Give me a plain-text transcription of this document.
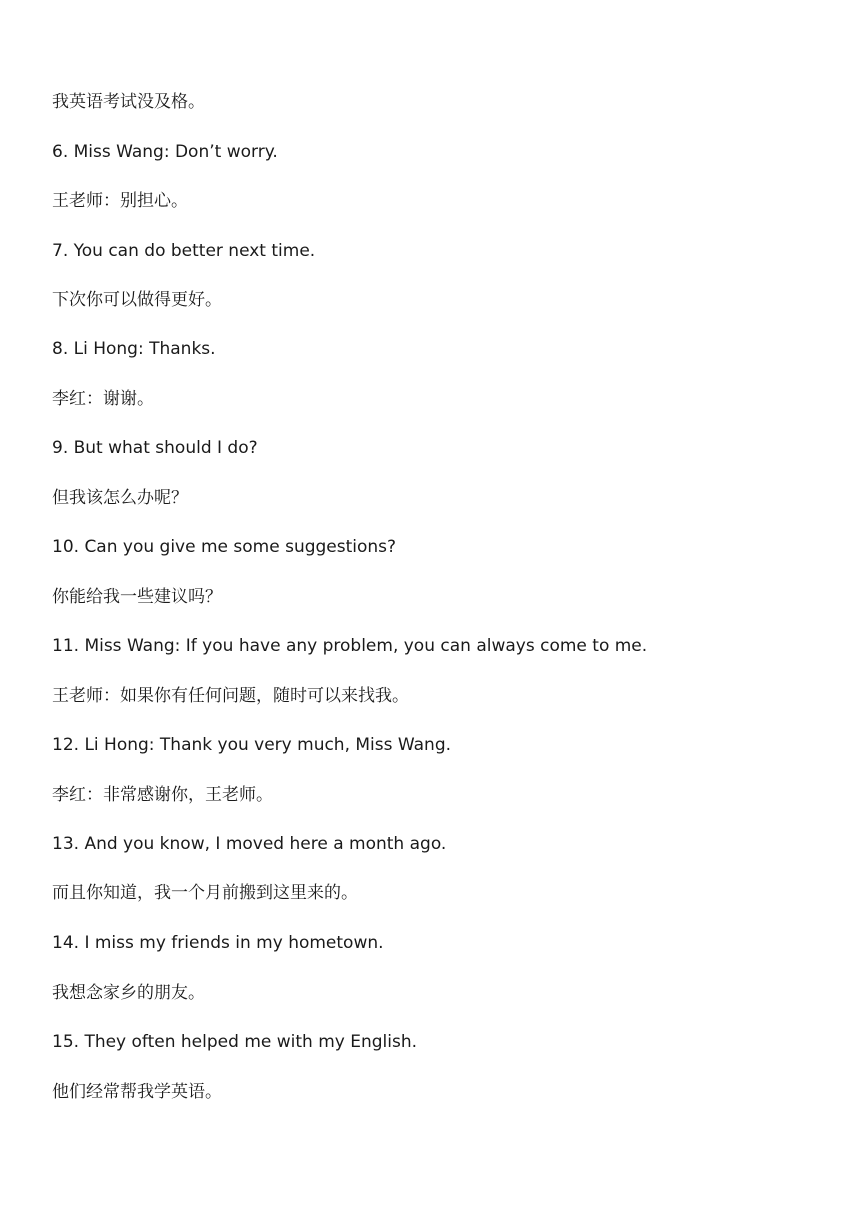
我英语考试没及格。

6. Miss Wang: Don’t worry.

王老师：别担心。

7. You can do better next time.

下次你可以做得更好。

8. Li Hong: Thanks.

李红：谢谢。

9. But what should I do?

但我该怎么办呢？

10. Can you give me some suggestions?

你能给我一些建议吗？

11. Miss Wang: If you have any problem, you can always come to me.

王老师：如果你有任何问题，随时可以来找我。

12. Li Hong: Thank you very much, Miss Wang.

李红：非常感谢你，王老师。

13. And you know, I moved here a month ago.

而且你知道，我一个月前搬到这里来的。

14. I miss my friends in my hometown.

我想念家乡的朋友。

15. They often helped me with my English.

他们经常帮我学英语。
